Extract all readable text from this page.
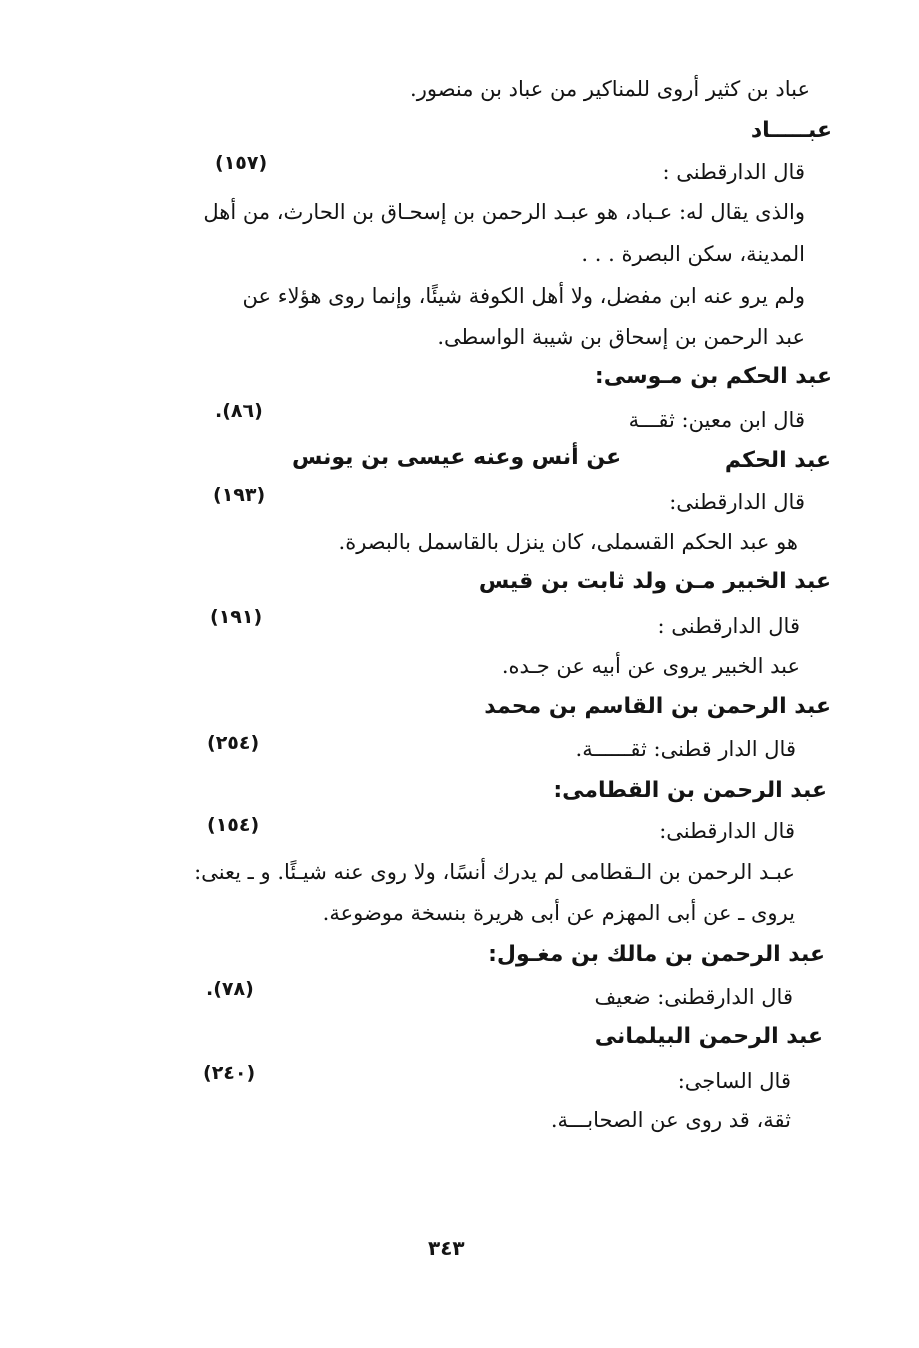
عباد بن كثير أروى للمناكير من عباد بن منصور.
عبـــــاد
(١٥٧)	قال الدارقطنى :
والذى يقال له: عـباد، هو عبـد الرحمن بن إسحـاق بن الحارث، من أهل
المدينة، سكن البصرة . . .
ولم يرو عنه ابن مفضل، ولا أهل الكوفة شيئًا، وإنما روى هؤلاء عن
عبد الرحمن بن إسحاق بن شيبة الواسطى.
عبد الحكم بن مـوسى:
(٨٦).	قال ابن معين: ثقـــة
عبد الحكم
عن أنس وعنه عيسى بن يونس
(١٩٣)	قال الدارقطنى:
هو عبد الحكم القسملى، كان ينزل بالقاسمل بالبصرة.
عبد الخبير مـن ولد ثابت بن قيس
(١٩١)	قال الدارقطنى :
عبد الخبير يروى عن أبيه عن جـده.
عبد الرحمن بن القاسم بن محمد
(٢٥٤)	قال الدار قطنى: ثقــــــة.
عبد الرحمن بن القطامى:
(١٥٤)	قال الدارقطنى:
عبـد الرحمن بن الـقطامى لم يدرك أنسًا، ولا روى عنه شيـئًا. و ـ يعنى:
يروى ـ عن أبى المهزم عن أبى هريرة بنسخة موضوعة.
عبد الرحمن بن مالك بن مغـول:
(٧٨).	قال الدارقطنى: ضعيف
عبد الرحمن البيلمانى
(٢٤٠)	قال الساجى:
ثقة، قد روى عن الصحابـــة.
٣٤٣
